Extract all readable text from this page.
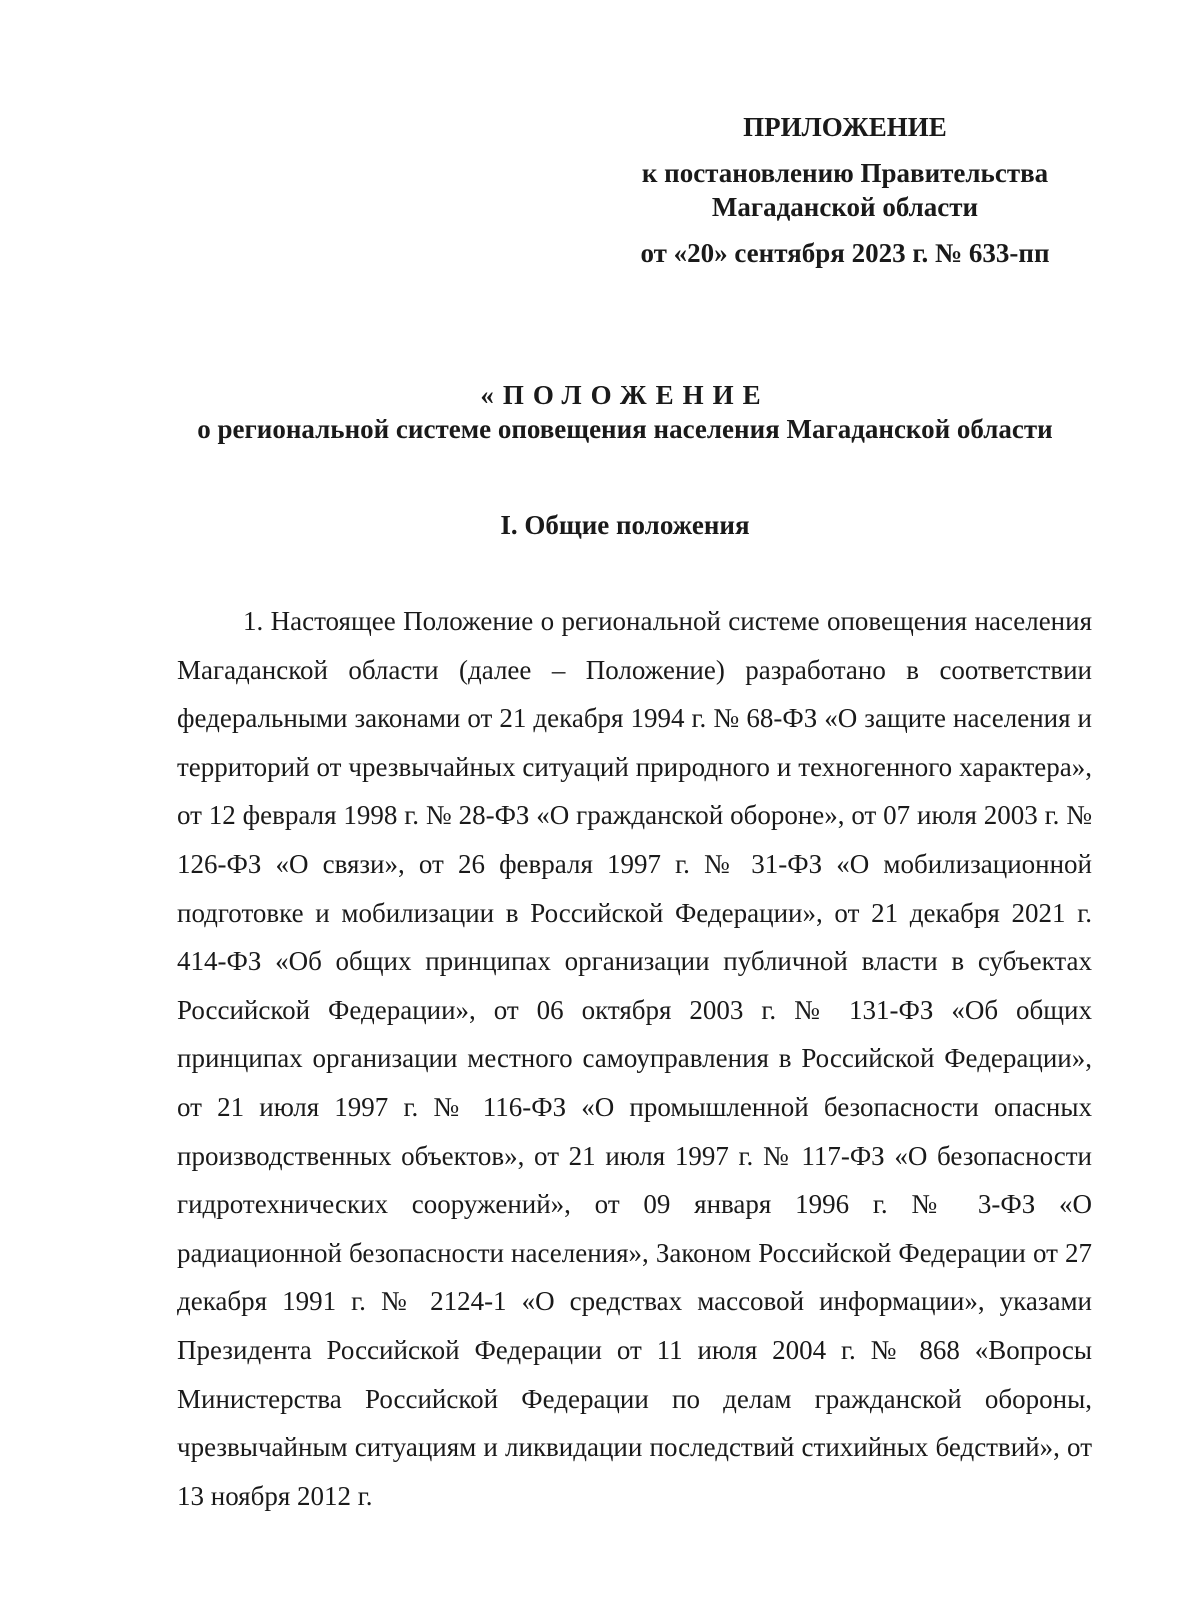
ПРИЛОЖЕНИЕ
к постановлению Правительства
Магаданской области
от «20» сентября 2023 г. № 633-пп
«ПОЛОЖЕНИЕ
о региональной системе оповещения населения Магаданской области
I. Общие положения

1. Настоящее Положение о региональной системе оповещения населения Магаданской области (далее – Положение) разработано в соответствии федеральными законами от 21 декабря 1994 г. № 68-ФЗ «О защите населения и территорий от чрезвычайных ситуаций природного и техногенного характера», от 12 февраля 1998 г. № 28-ФЗ «О гражданской обороне», от 07 июля 2003 г. № 126-ФЗ «О связи», от 26 февраля 1997 г. № 31-ФЗ «О мобилизационной подготовке и мобилизации в Российской Федерации», от 21 декабря 2021 г. 414-ФЗ «Об общих принципах организации публичной власти в субъектах Российской Федерации», от 06 октября 2003 г. № 131-ФЗ «Об общих принципах организации местного самоуправления в Российской Федерации», от 21 июля 1997 г. № 116-ФЗ «О промышленной безопасности опасных производственных объектов», от 21 июля 1997 г. № 117-ФЗ «О безопасности гидротехнических сооружений», от 09 января 1996 г. № 3-ФЗ «О радиационной безопасности населения», Законом Российской Федерации от 27 декабря 1991 г. № 2124-1 «О средствах массовой информации», указами Президента Российской Федерации от 11 июля 2004 г. № 868 «Вопросы Министерства Российской Федерации по делам гражданской обороны, чрезвычайным ситуациям и ликвидации последствий стихийных бедствий», от 13 ноября 2012 г.
